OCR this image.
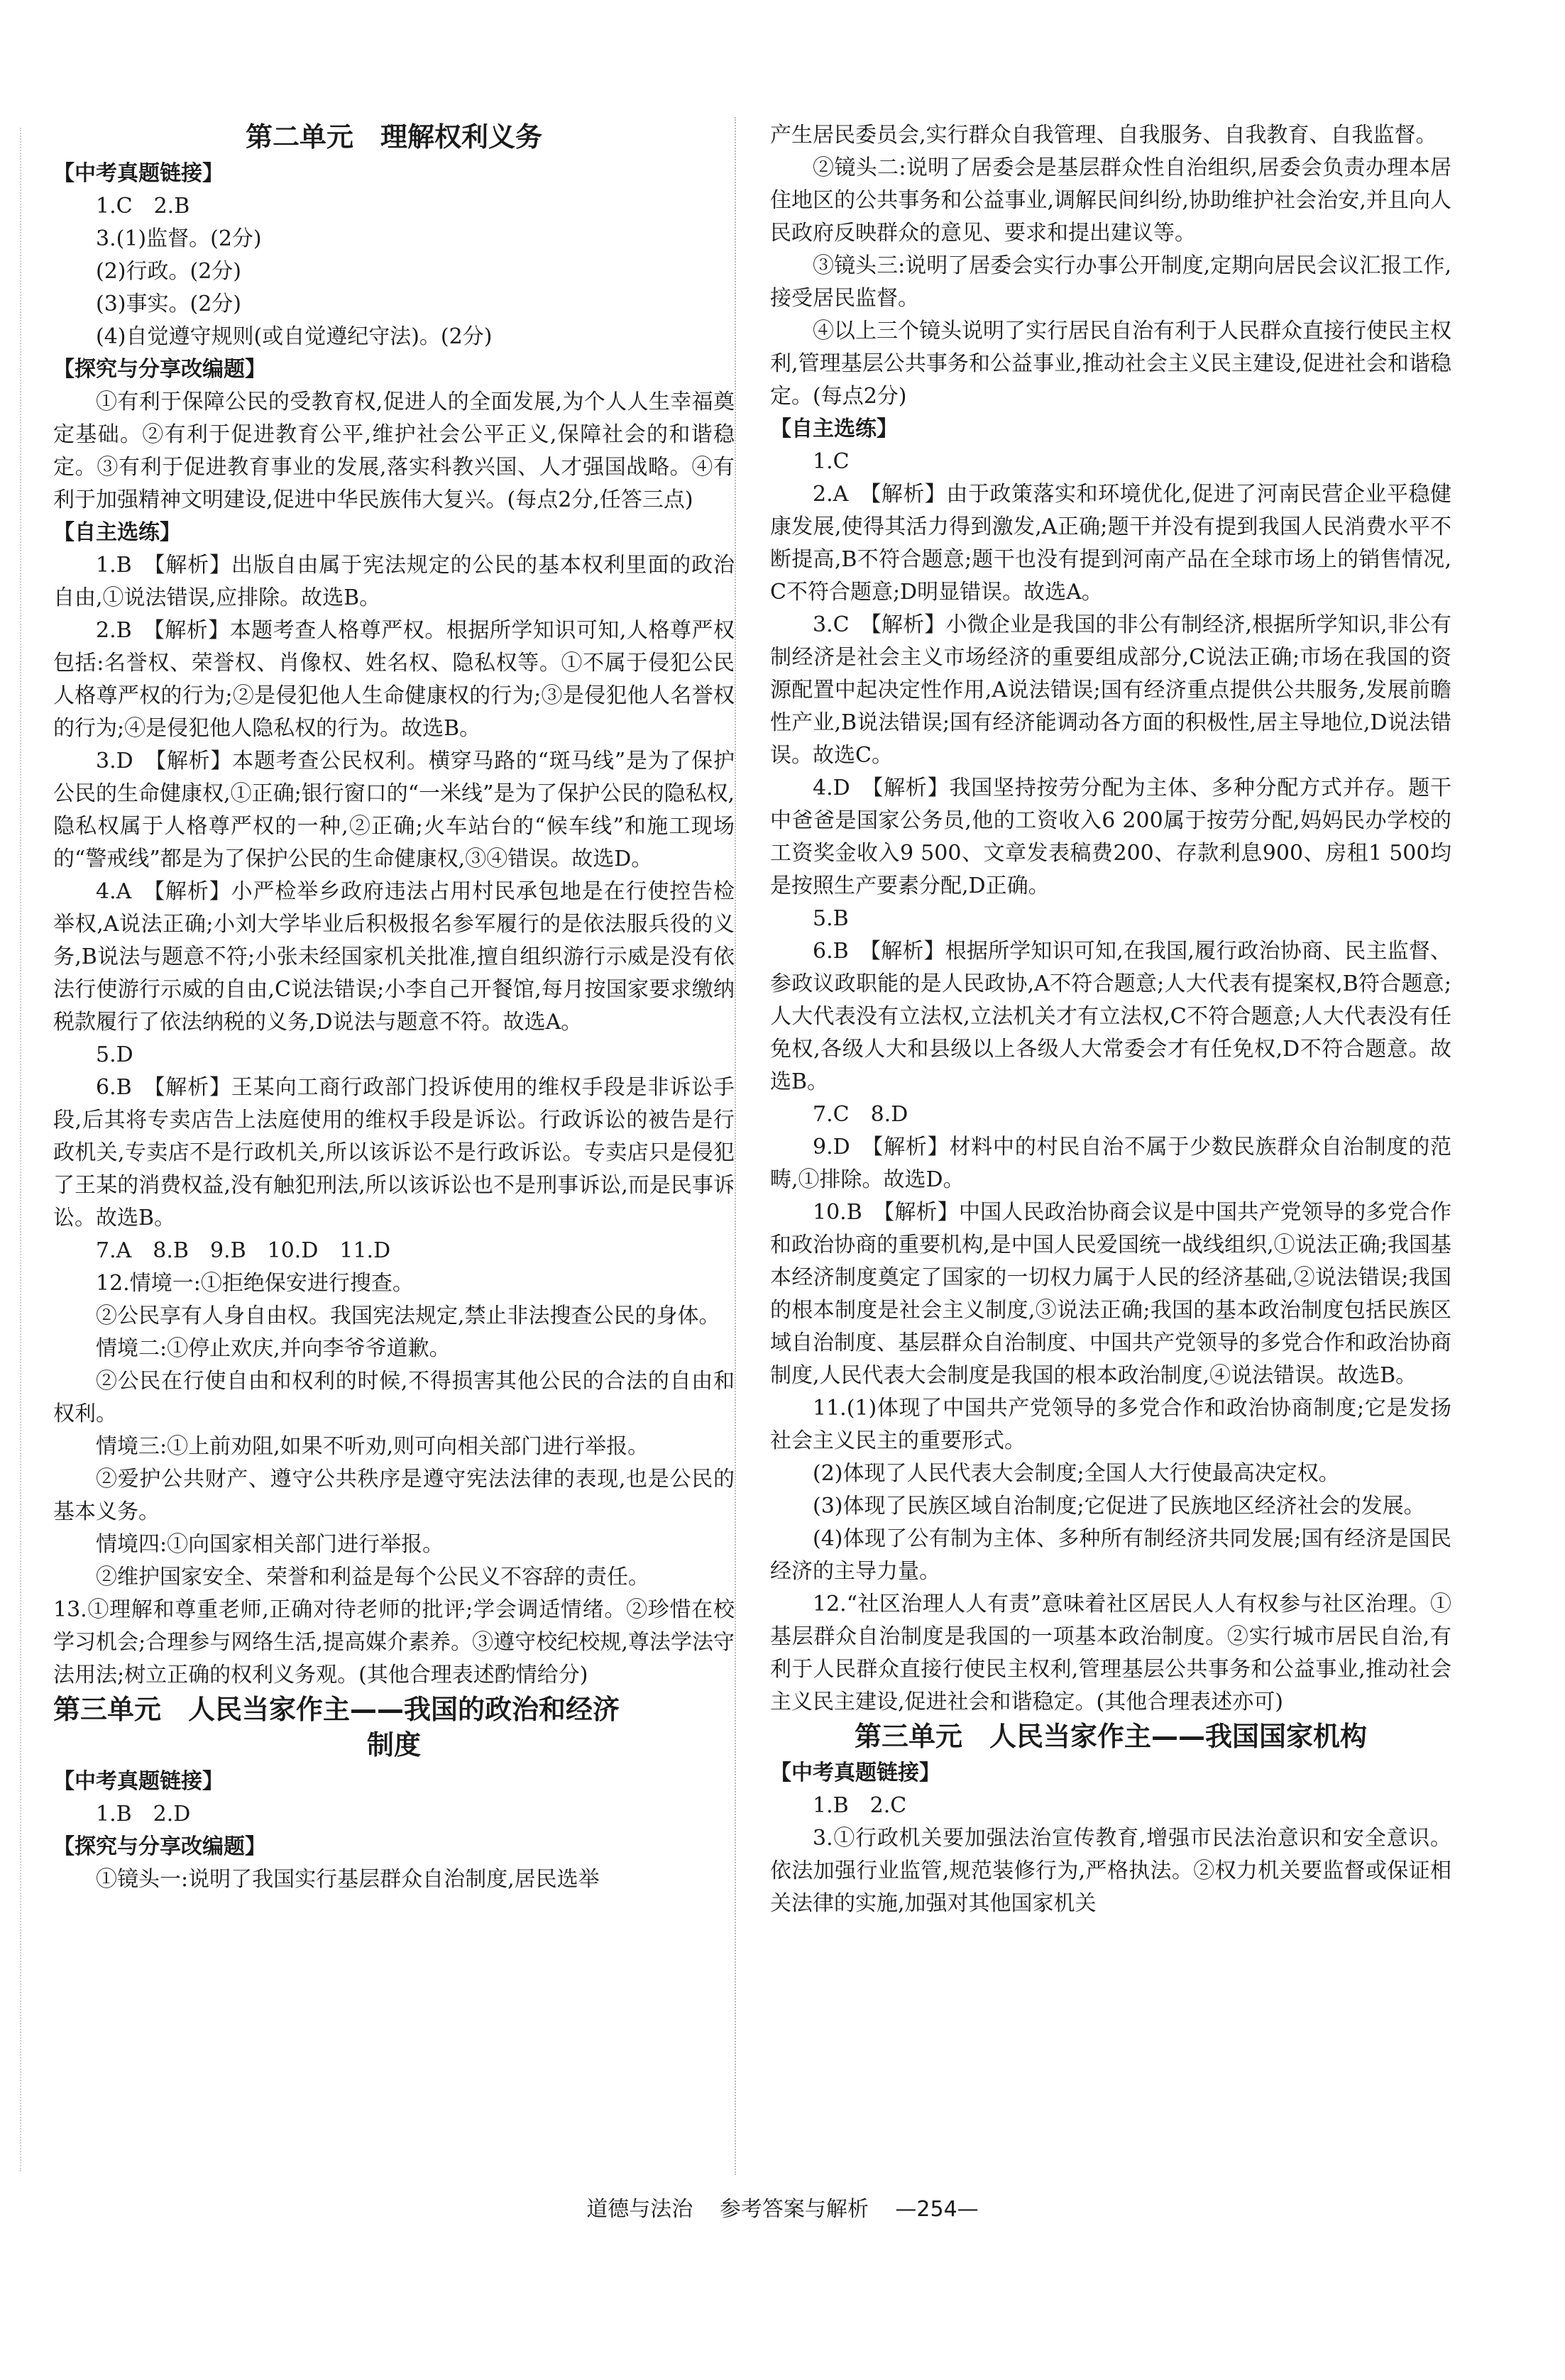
第二单元　理解权利义务
【中考真题链接】
1.C　2.B
3.(1)监督。(2分)
(2)行政。(2分)
(3)事实。(2分)
(4)自觉遵守规则(或自觉遵纪守法)。(2分)
【探究与分享改编题】
①有利于保障公民的受教育权,促进人的全面发展,为个人人生幸福奠定基础。②有利于促进教育公平,维护社会公平正义,保障社会的和谐稳定。③有利于促进教育事业的发展,落实科教兴国、人才强国战略。④有利于加强精神文明建设,促进中华民族伟大复兴。(每点2分,任答三点)
【自主选练】
1.B　【解析】出版自由属于宪法规定的公民的基本权利里面的政治自由,①说法错误,应排除。故选B。
2.B　【解析】本题考查人格尊严权。根据所学知识可知,人格尊严权包括:名誉权、荣誉权、肖像权、姓名权、隐私权等。①不属于侵犯公民人格尊严权的行为;②是侵犯他人生命健康权的行为;③是侵犯他人名誉权的行为;④是侵犯他人隐私权的行为。故选B。
3.D　【解析】本题考查公民权利。横穿马路的“斑马线”是为了保护公民的生命健康权,①正确;银行窗口的“一米线”是为了保护公民的隐私权,隐私权属于人格尊严权的一种,②正确;火车站台的“候车线”和施工现场的“警戒线”都是为了保护公民的生命健康权,③④错误。故选D。
4.A　【解析】小严检举乡政府违法占用村民承包地是在行使控告检举权,A说法正确;小刘大学毕业后积极报名参军履行的是依法服兵役的义务,B说法与题意不符;小张未经国家机关批准,擅自组织游行示威是没有依法行使游行示威的自由,C说法错误;小李自己开餐馆,每月按国家要求缴纳税款履行了依法纳税的义务,D说法与题意不符。故选A。
5.D
6.B　【解析】王某向工商行政部门投诉使用的维权手段是非诉讼手段,后其将专卖店告上法庭使用的维权手段是诉讼。行政诉讼的被告是行政机关,专卖店不是行政机关,所以该诉讼不是行政诉讼。专卖店只是侵犯了王某的消费权益,没有触犯刑法,所以该诉讼也不是刑事诉讼,而是民事诉讼。故选B。
7.A　8.B　9.B　10.D　11.D
12.情境一:①拒绝保安进行搜查。
②公民享有人身自由权。我国宪法规定,禁止非法搜查公民的身体。
情境二:①停止欢庆,并向李爷爷道歉。
②公民在行使自由和权利的时候,不得损害其他公民的合法的自由和权利。
情境三:①上前劝阻,如果不听劝,则可向相关部门进行举报。
②爱护公共财产、遵守公共秩序是遵守宪法法律的表现,也是公民的基本义务。
情境四:①向国家相关部门进行举报。
②维护国家安全、荣誉和利益是每个公民义不容辞的责任。
13.①理解和尊重老师,正确对待老师的批评;学会调适情绪。②珍惜在校学习机会;合理参与网络生活,提高媒介素养。③遵守校纪校规,尊法学法守法用法;树立正确的权利义务观。(其他合理表述酌情给分)
第三单元　人民当家作主——我国的政治和经济
制度
【中考真题链接】
1.B　2.D
【探究与分享改编题】
①镜头一:说明了我国实行基层群众自治制度,居民选举
产生居民委员会,实行群众自我管理、自我服务、自我教育、自我监督。
②镜头二:说明了居委会是基层群众性自治组织,居委会负责办理本居住地区的公共事务和公益事业,调解民间纠纷,协助维护社会治安,并且向人民政府反映群众的意见、要求和提出建议等。
③镜头三:说明了居委会实行办事公开制度,定期向居民会议汇报工作,接受居民监督。
④以上三个镜头说明了实行居民自治有利于人民群众直接行使民主权利,管理基层公共事务和公益事业,推动社会主义民主建设,促进社会和谐稳定。(每点2分)
【自主选练】
1.C
2.A　【解析】由于政策落实和环境优化,促进了河南民营企业平稳健康发展,使得其活力得到激发,A正确;题干并没有提到我国人民消费水平不断提高,B不符合题意;题干也没有提到河南产品在全球市场上的销售情况,C不符合题意;D明显错误。故选A。
3.C　【解析】小微企业是我国的非公有制经济,根据所学知识,非公有制经济是社会主义市场经济的重要组成部分,C说法正确;市场在我国的资源配置中起决定性作用,A说法错误;国有经济重点提供公共服务,发展前瞻性产业,B说法错误;国有经济能调动各方面的积极性,居主导地位,D说法错误。故选C。
4.D　【解析】我国坚持按劳分配为主体、多种分配方式并存。题干中爸爸是国家公务员,他的工资收入6 200属于按劳分配,妈妈民办学校的工资奖金收入9 500、文章发表稿费200、存款利息900、房租1 500均是按照生产要素分配,D正确。
5.B
6.B　【解析】根据所学知识可知,在我国,履行政治协商、民主监督、参政议政职能的是人民政协,A不符合题意;人大代表有提案权,B符合题意;人大代表没有立法权,立法机关才有立法权,C不符合题意;人大代表没有任免权,各级人大和县级以上各级人大常委会才有任免权,D不符合题意。故选B。
7.C　8.D
9.D　【解析】材料中的村民自治不属于少数民族群众自治制度的范畴,①排除。故选D。
10.B　【解析】中国人民政治协商会议是中国共产党领导的多党合作和政治协商的重要机构,是中国人民爱国统一战线组织,①说法正确;我国基本经济制度奠定了国家的一切权力属于人民的经济基础,②说法错误;我国的根本制度是社会主义制度,③说法正确;我国的基本政治制度包括民族区域自治制度、基层群众自治制度、中国共产党领导的多党合作和政治协商制度,人民代表大会制度是我国的根本政治制度,④说法错误。故选B。
11.(1)体现了中国共产党领导的多党合作和政治协商制度;它是发扬社会主义民主的重要形式。
(2)体现了人民代表大会制度;全国人大行使最高决定权。
(3)体现了民族区域自治制度;它促进了民族地区经济社会的发展。
(4)体现了公有制为主体、多种所有制经济共同发展;国有经济是国民经济的主导力量。
12.“社区治理人人有责”意味着社区居民人人有权参与社区治理。①基层群众自治制度是我国的一项基本政治制度。②实行城市居民自治,有利于人民群众直接行使民主权利,管理基层公共事务和公益事业,推动社会主义民主建设,促进社会和谐稳定。(其他合理表述亦可)
第三单元　人民当家作主——我国国家机构
【中考真题链接】
1.B　2.C
3.①行政机关要加强法治宣传教育,增强市民法治意识和安全意识。依法加强行业监管,规范装修行为,严格执法。②权力机关要监督或保证相关法律的实施,加强对其他国家机关
道德与法治 参考答案与解析 —254—
